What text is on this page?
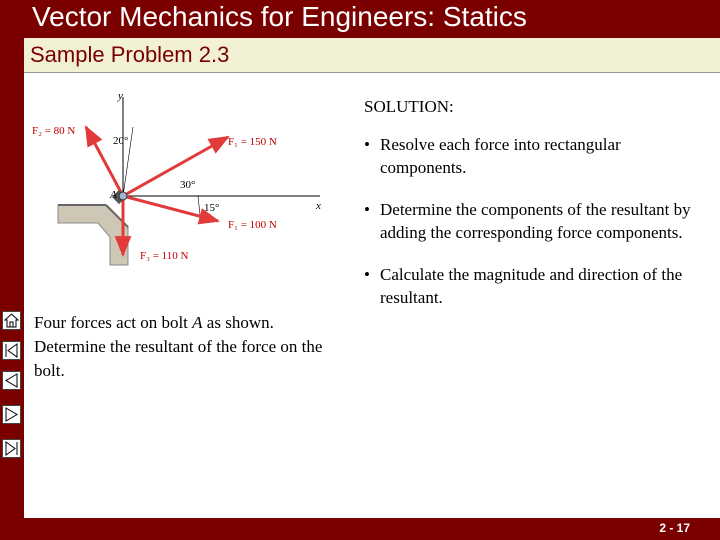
Vector Mechanics for Engineers: Statics
Sample Problem 2.3
y
x
A
F₂ = 80 N
20°	F₁ = 150 N
30°
15°
F₁ = 100 N
F₃ = 110 N
Four forces act on bolt A as shown. Determine the resultant of the force on the bolt.
SOLUTION:
• Resolve each force into rectangular components.
• Determine the components of the resultant by adding the corresponding force components.
• Calculate the magnitude and direction of the resultant.
2 - 17
